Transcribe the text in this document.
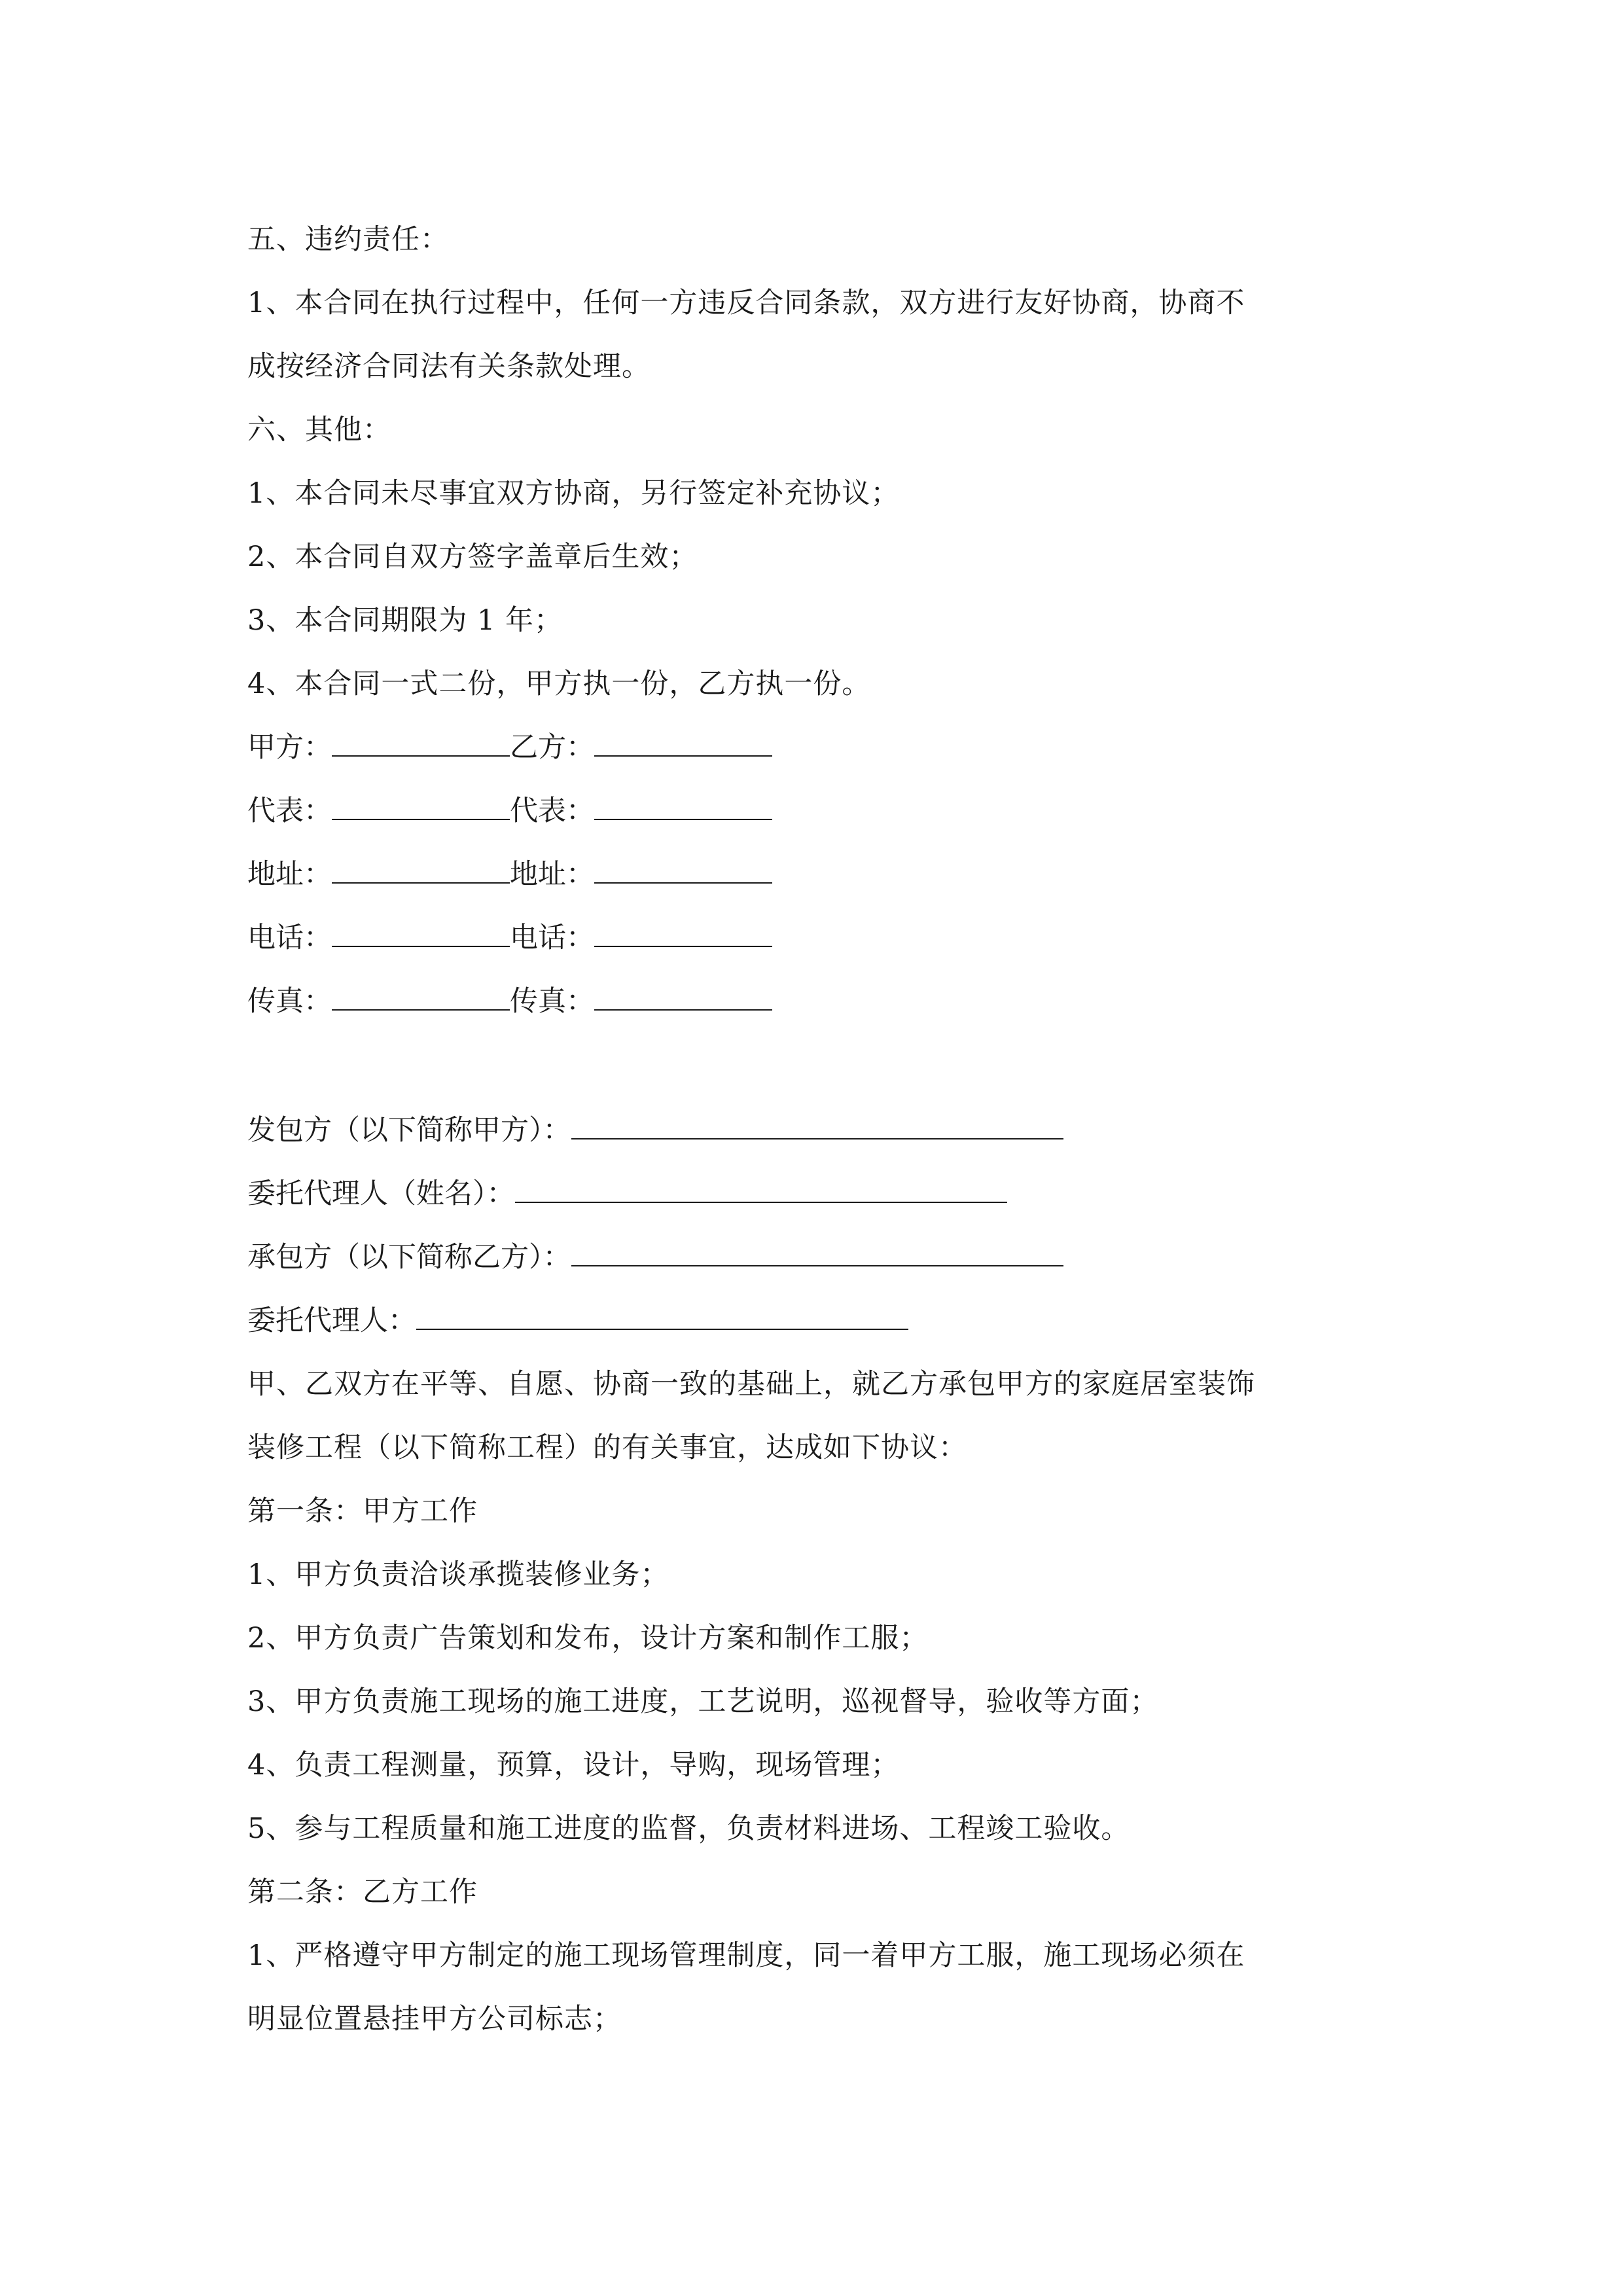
五、违约责任：
1、本合同在执行过程中，任何一方违反合同条款，双方进行友好协商，协商不
成按经济合同法有关条款处理。
六、其他：
1、本合同未尽事宜双方协商，另行签定补充协议；
2、本合同自双方签字盖章后生效；
3、本合同期限为 1 年；
4、本合同一式二份，甲方执一份，乙方执一份。
甲方：	乙方：
代表：	代表：
地址：	地址：
电话：	电话：
传真：	传真：
发包方（以下简称甲方）：
委托代理人（姓名）：
承包方（以下简称乙方）：
委托代理人：
甲、乙双方在平等、自愿、协商一致的基础上，就乙方承包甲方的家庭居室装饰
装修工程（以下简称工程）的有关事宜，达成如下协议：
第一条：甲方工作
1、甲方负责洽谈承揽装修业务；
2、甲方负责广告策划和发布，设计方案和制作工服；
3、甲方负责施工现场的施工进度，工艺说明，巡视督导，验收等方面；
4、负责工程测量，预算，设计，导购，现场管理；
5、参与工程质量和施工进度的监督，负责材料进场、工程竣工验收。
第二条：乙方工作
1、严格遵守甲方制定的施工现场管理制度，同一着甲方工服，施工现场必须在
明显位置悬挂甲方公司标志；
